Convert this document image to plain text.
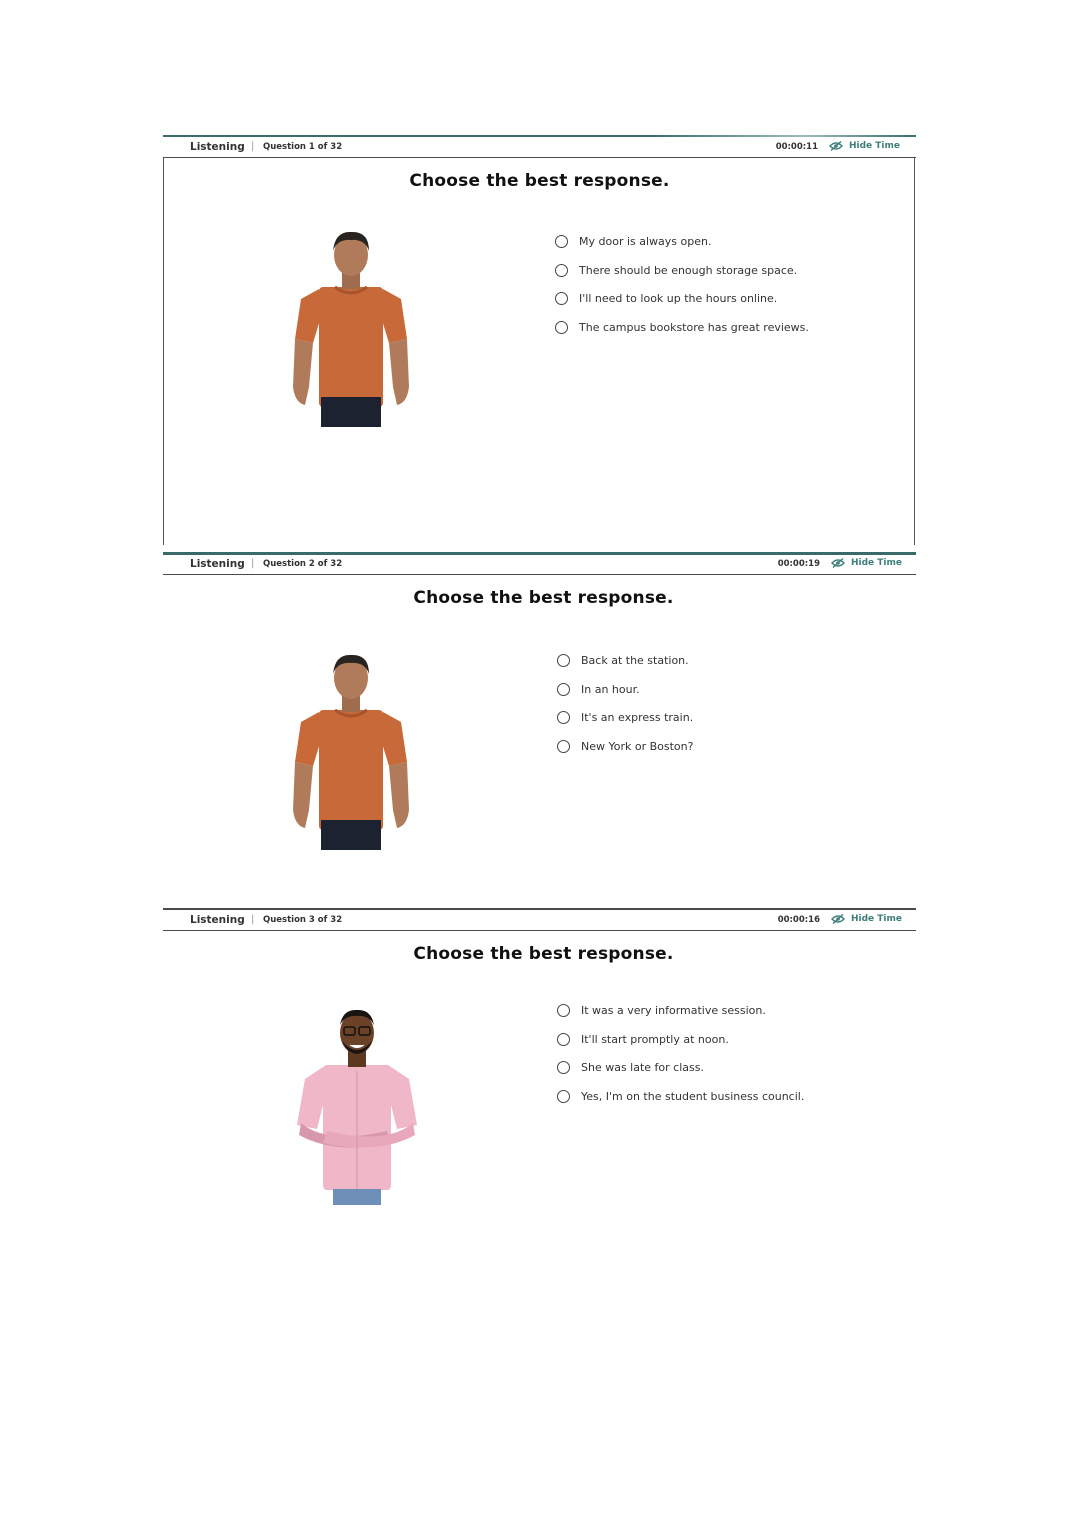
Listening | Question 1 of 32	00:00:11	Hide Time
Choose the best response.
My door is always open.
There should be enough storage space.
I'll need to look up the hours online.
The campus bookstore has great reviews.
Listening | Question 2 of 32	00:00:19	Hide Time
Choose the best response.
Back at the station.
In an hour.
It's an express train.
New York or Boston?
Listening | Question 3 of 32	00:00:16	Hide Time
Choose the best response.
It was a very informative session.
It'll start promptly at noon.
She was late for class.
Yes, I'm on the student business council.
